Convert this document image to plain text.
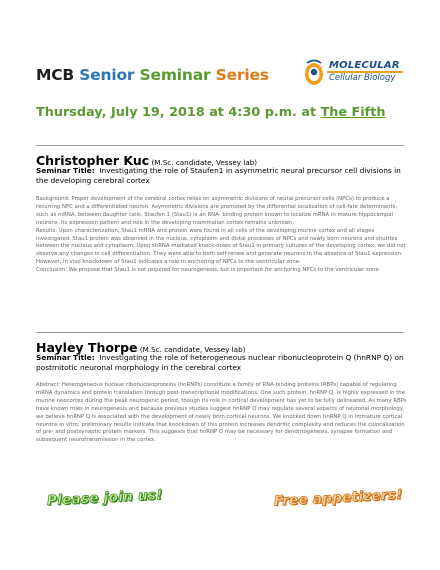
MCB Senior Seminar Series
MOLECULAR
Cellular Biology
Thursday, July 19, 2018 at 4:30 p.m. at The Fifth
Christopher Kuc (M.Sc. candidate, Vessey lab)
Seminar Title: Investigating the role of Staufen1 in asymmetric neural precursor cell divisions in the developing cerebral cortex

Background: Proper development of the cerebral cortex relies on asymmetric divisions of neural precursor cells (NPCs) to produce a recurring NPC and a differentiated neuron. Asymmetric divisions are promoted by the differential localization of cell-fate determinants, such as mRNA, between daughter cells. Staufen 1 (Stau1) is an RNA- binding protein known to localize mRNA in mature hippocampal neurons. Its expression pattern and role in the developing mammalian cortex remains unknown.

Results: Upon characterization, Stau1 mRNA and protein were found in all cells of the developing murine cortex and all stages investigated. Stau1 protein was observed in the nucleus, cytoplasm and distal processes of NPCs and newly born neurons and shuttles between the nucleus and cytoplasm. Upon shRNA-mediated knock-down of Stau1 in primary cultures of the developing cortex, we did not observe any changes in cell differentiation. They were able to both self-renew and generate neurons in the absence of Stau1 expression. However, in vivo knockdown of Stau1 indicates a role in anchoring of NPCs to the ventricular zone.

Conclusion: We propose that Stau1 is not required for neurogenesis, but is important for anchoring NPCs to the ventricular zone.

Hayley Thorpe (M.Sc. candidate, Vessey lab)
Seminar Title: Investigating the role of heterogeneous nuclear ribonucleoprotein Q (hnRNP Q) on postmitotic neuronal morphology in the cerebral cortex

Abstract: Heterogeneous nuclear ribonucleoproteins (hnRNPs) constitute a family of RNA-binding proteins (RBPs) capable of regulating mRNA dynamics and protein translation through post-transcriptional modifications. One such protein, hnRNP Q, is highly expressed in the murine neocortex during the peak neurogenic period, though its role in cortical development has yet to be fully delineated. As many RBPs have known roles in neurogenesis and because previous studies suggest hnRNP Q may regulate several aspects of neuronal morphology, we believe hnRNP Q is associated with the development of newly born cortical neurons. We knocked down hnRNP Q in immature cortical neurons in vitro; preliminary results indicate that knockdown of this protein increases dendritic complexity and reduces the colocalization of pre- and postsynaptic protein markers. This suggests that hnRNP Q may be necessary for dendritogenesis, synapse formation and subsequent neurotransmission in the cortex.

Please join us!	Free appetizers!
